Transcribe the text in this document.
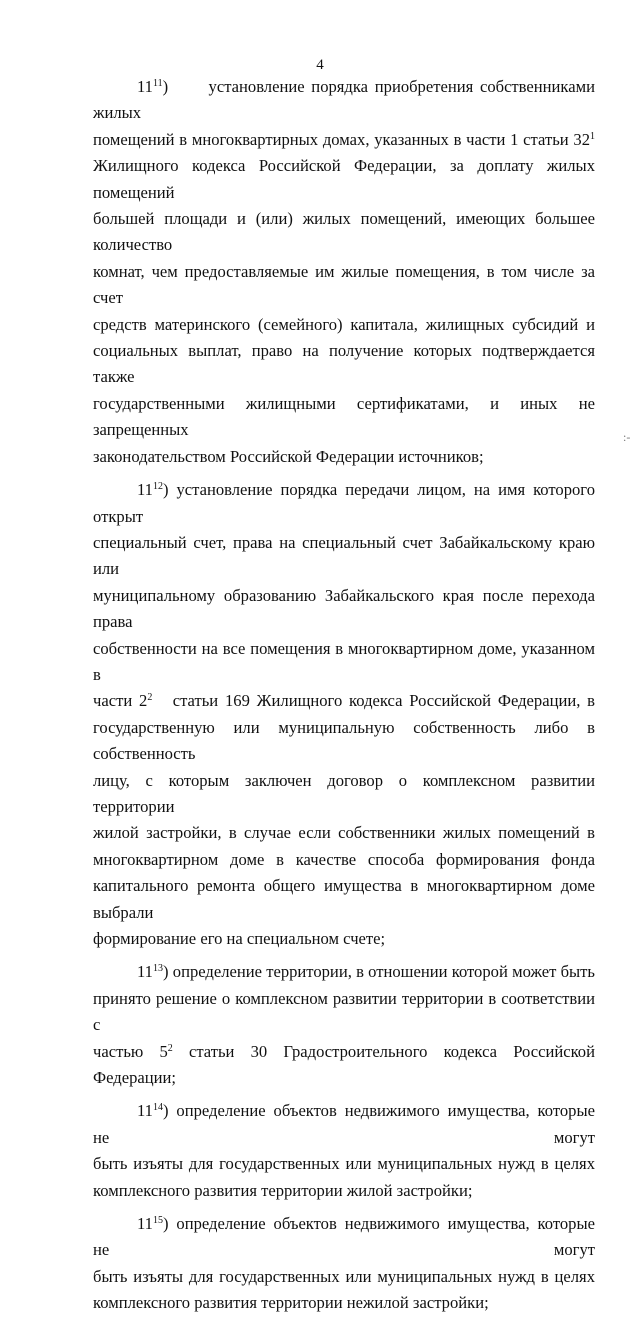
4

$11^{11}$)      установление порядка приобретения собственниками жилых

помещений в многоквартирных домах, указанных в части 1 статьи $32^1$

Жилищного кодекса Российской Федерации, за доплату жилых помещений

большей площади и (или) жилых помещений, имеющих большее количество

комнат, чем предоставляемые им жилые помещения, в том числе за счет

средств материнского (семейного) капитала, жилищных субсидий и

социальных выплат, право на получение которых подтверждается также

государственными жилищными сертификатами, и иных не запрещенных

законодательством Российской Федерации источников;

$11^{12}$) установление порядка передачи лицом, на имя которого открыт

специальный счет, права на специальный счет Забайкальскому краю или

муниципальному образованию Забайкальского края после перехода права

собственности на все помещения в многоквартирном доме, указанном в

части $2^2$ статьи 169 Жилищного кодекса Российской Федерации, в

государственную или муниципальную собственность либо в собственность

лицу, с которым заключен договор о комплексном развитии территории

жилой застройки, в случае если собственники жилых помещений в

многоквартирном доме в качестве способа формирования фонда

капитального ремонта общего имущества в многоквартирном доме выбрали

формирование его на специальном счете;

$11^{13}$) определение территории, в отношении которой может быть

принято решение о комплексном развитии территории в соответствии с

частью $5^2$ статьи 30 Градостроительного кодекса Российской Федерации;

$11^{14}$) определение объектов недвижимого имущества, которые не могут

быть изъяты для государственных или муниципальных нужд в целях

комплексного развития территории жилой застройки;

$11^{15}$) определение объектов недвижимого имущества, которые не могут

быть изъяты для государственных или муниципальных нужд в целях

комплексного развития территории нежилой застройки;

:-
